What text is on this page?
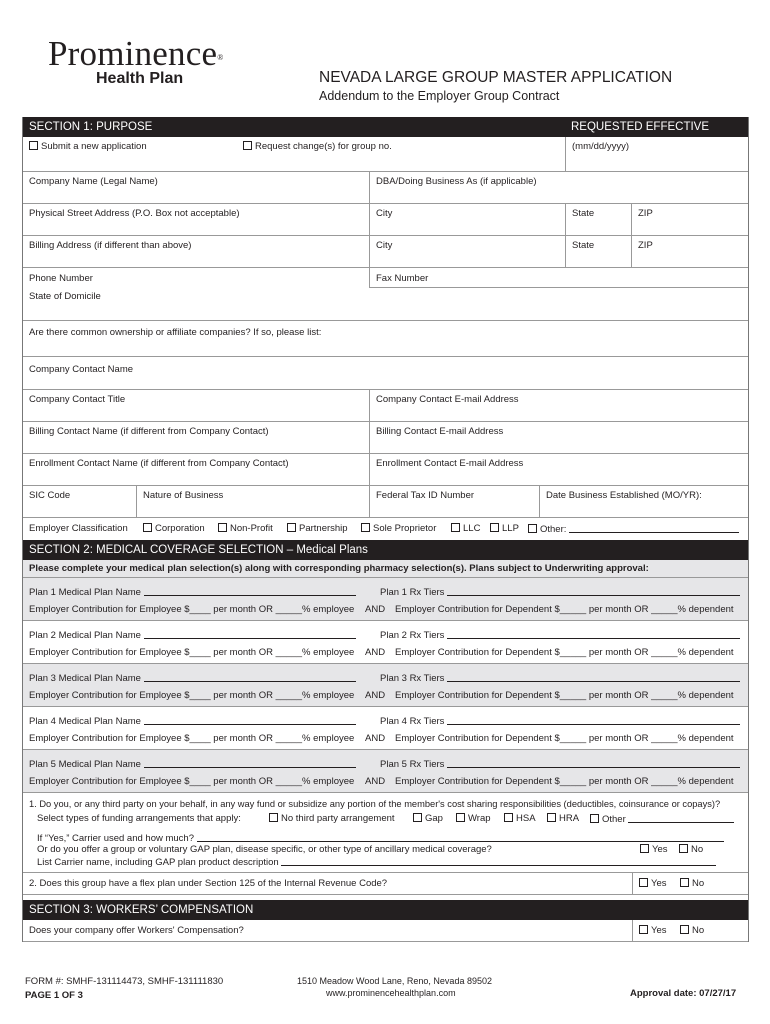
Prominence®
Health Plan	NEVADA LARGE GROUP MASTER APPLICATION
Addendum to the Employer Group Contract
SECTION 1: PURPOSE	REQUESTED EFFECTIVE
Submit a new application	Request change(s) for group no.	(mm/dd/yyyy)
Company Name (Legal Name)	DBA/Doing Business As (if applicable)
Physical Street Address (P.O. Box not acceptable)	City	State	ZIP
Billing Address (if different than above)	City	State	ZIP
Phone Number	Fax Number
State of Domicile
Are there common ownership or affiliate companies? If so, please list:
Company Contact Name
Company Contact Title	Company Contact E-mail Address
Billing Contact Name (if different from Company Contact)	Billing Contact E-mail Address
Enrollment Contact Name (if different from Company Contact)	Enrollment Contact E-mail Address
SIC Code	Nature of Business	Federal Tax ID Number	Date Business Established (MO/YR):
Employer Classification	Corporation	Non-Profit	Partnership	Sole Proprietor	LLC	LLP	Other:
SECTION 2: MEDICAL COVERAGE SELECTION – Medical Plans
Please complete your medical plan selection(s) along with corresponding pharmacy selection(s). Plans subject to Underwriting approval:
Plan 1 Medical Plan Name	Plan 1 Rx Tiers
Employer Contribution for Employee $____ per month OR _____% employee AND Employer Contribution for Dependent $_____ per month OR _____% dependent
Plan 2 Medical Plan Name	Plan 2 Rx Tiers
Employer Contribution for Employee $____ per month OR _____% employee AND Employer Contribution for Dependent $_____ per month OR _____% dependent
Plan 3 Medical Plan Name	Plan 3 Rx Tiers
Employer Contribution for Employee $____ per month OR _____% employee AND Employer Contribution for Dependent $_____ per month OR _____% dependent
Plan 4 Medical Plan Name	Plan 4 Rx Tiers
Employer Contribution for Employee $____ per month OR _____% employee AND Employer Contribution for Dependent $_____ per month OR _____% dependent
Plan 5 Medical Plan Name	Plan 5 Rx Tiers
Employer Contribution for Employee $____ per month OR _____% employee AND Employer Contribution for Dependent $_____ per month OR _____% dependent
1. Do you, or any third party on your behalf, in any way fund or subsidize any portion of the member's cost sharing responsibilities (deductibles, coinsurance or copays)?
Select types of funding arrangements that apply:	No third party arrangement	Gap	Wrap	HSA	HRA	Other
If “Yes,” Carrier used and how much?
Or do you offer a group or voluntary GAP plan, disease specific, or other type of ancillary medical coverage?	Yes	No
List Carrier name, including GAP plan product description
2. Does this group have a flex plan under Section 125 of the Internal Revenue Code?	Yes	No
SECTION 3: WORKERS’ COMPENSATION
Does your company offer Workers' Compensation?	Yes	No
FORM #: SMHF-131114473, SMHF-131111830
PAGE 1 OF 3
1510 Meadow Wood Lane, Reno, Nevada 89502
www.prominencehealthplan.com	Approval date: 07/27/17
